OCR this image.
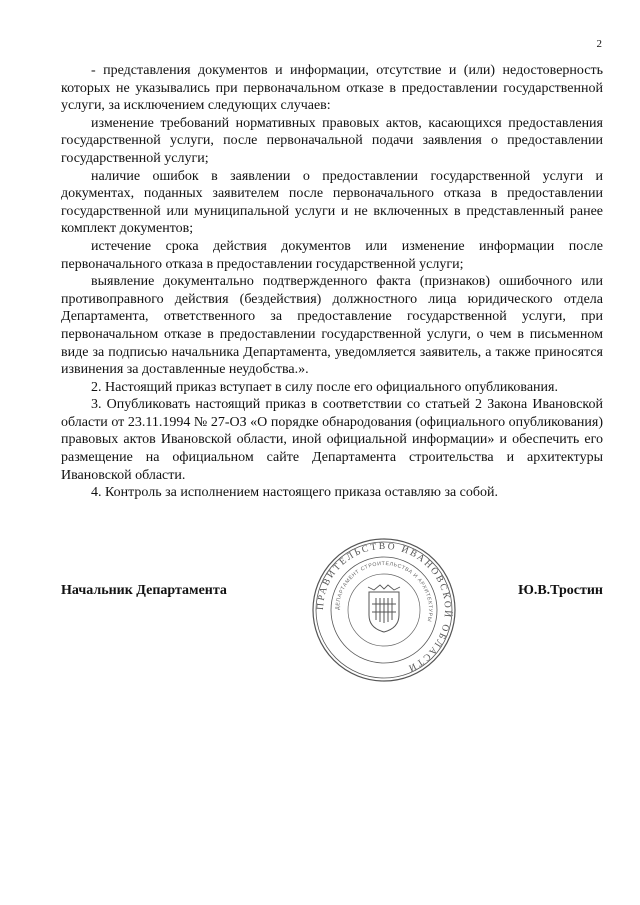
2

- представления документов и информации, отсутствие и (или) недостоверность которых не указывались при первоначальном отказе в предоставлении государственной услуги, за исключением следующих случаев:

изменение требований нормативных правовых актов, касающихся предоставления государственной услуги, после первоначальной подачи заявления о предоставлении государственной услуги;

наличие ошибок в заявлении о предоставлении государственной услуги и документах, поданных заявителем после первоначального отказа в предоставлении государственной или муниципальной услуги и не включенных в представленный ранее комплект документов;

истечение срока действия документов или изменение информации после первоначального отказа в предоставлении государственной услуги;

выявление документально подтвержденного факта (признаков) ошибочного или противоправного действия (бездействия) должностного лица юридического отдела Департамента, ответственного за предоставление государственной услуги, при первоначальном отказе в предоставлении государственной услуги, о чем в письменном виде за подписью начальника Департамента, уведомляется заявитель, а также приносятся извинения за доставленные неудобства.».

2. Настоящий приказ вступает в силу после его официального опубликования.

3. Опубликовать настоящий приказ в соответствии со статьей 2 Закона Ивановской области от 23.11.1994 № 27-ОЗ «О порядке обнародования (официального опубликования) правовых актов Ивановской области, иной официальной информации» и обеспечить его размещение на официальном сайте Департамента строительства и архитектуры Ивановской области.

4. Контроль за исполнением настоящего приказа оставляю за собой.

Начальник Департамента	Ю.В.Тростин
ПРАВИТЕЛЬСТВО ИВАНОВСКОЙ ОБЛАСТИ
ДЕПАРТАМЕНТ СТРОИТЕЛЬСТВА И АРХИТЕКТУРЫ
